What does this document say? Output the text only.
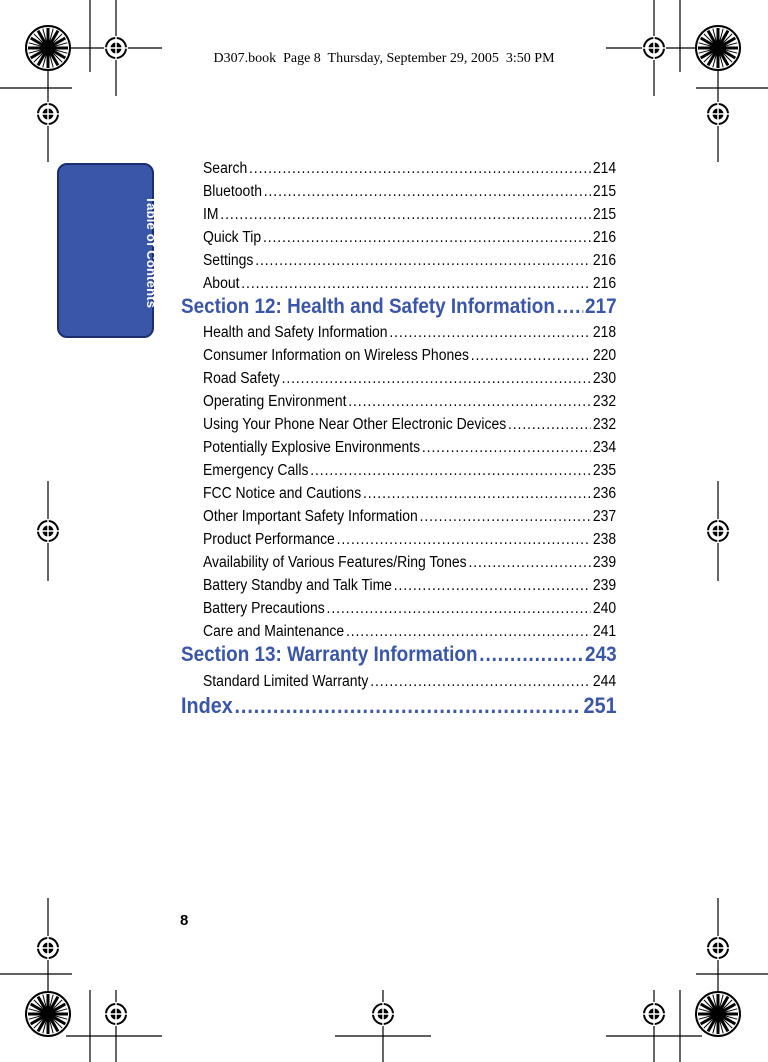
D307.book  Page 8  Thursday, September 29, 2005  3:50 PM
Table of Contents
Search .....	214
Bluetooth .....	215
IM .....	215
Quick Tip .....	216
Settings .....	216
About .....	216
Section 12: Health and Safety Information ..... 217
Health and Safety Information .....	218
Consumer Information on Wireless Phones .....	220
Road Safety .....	230
Operating Environment .....	232
Using Your Phone Near Other Electronic Devices .....	232
Potentially Explosive Environments .....	234
Emergency Calls .....	235
FCC Notice and Cautions .....	236
Other Important Safety Information .....	237
Product Performance .....	238
Availability of Various Features/Ring Tones .....	239
Battery Standby and Talk Time .....	239
Battery Precautions .....	240
Care and Maintenance .....	241
Section 13: Warranty Information .....	243
Standard Limited Warranty .....	244
Index .....	251
8
